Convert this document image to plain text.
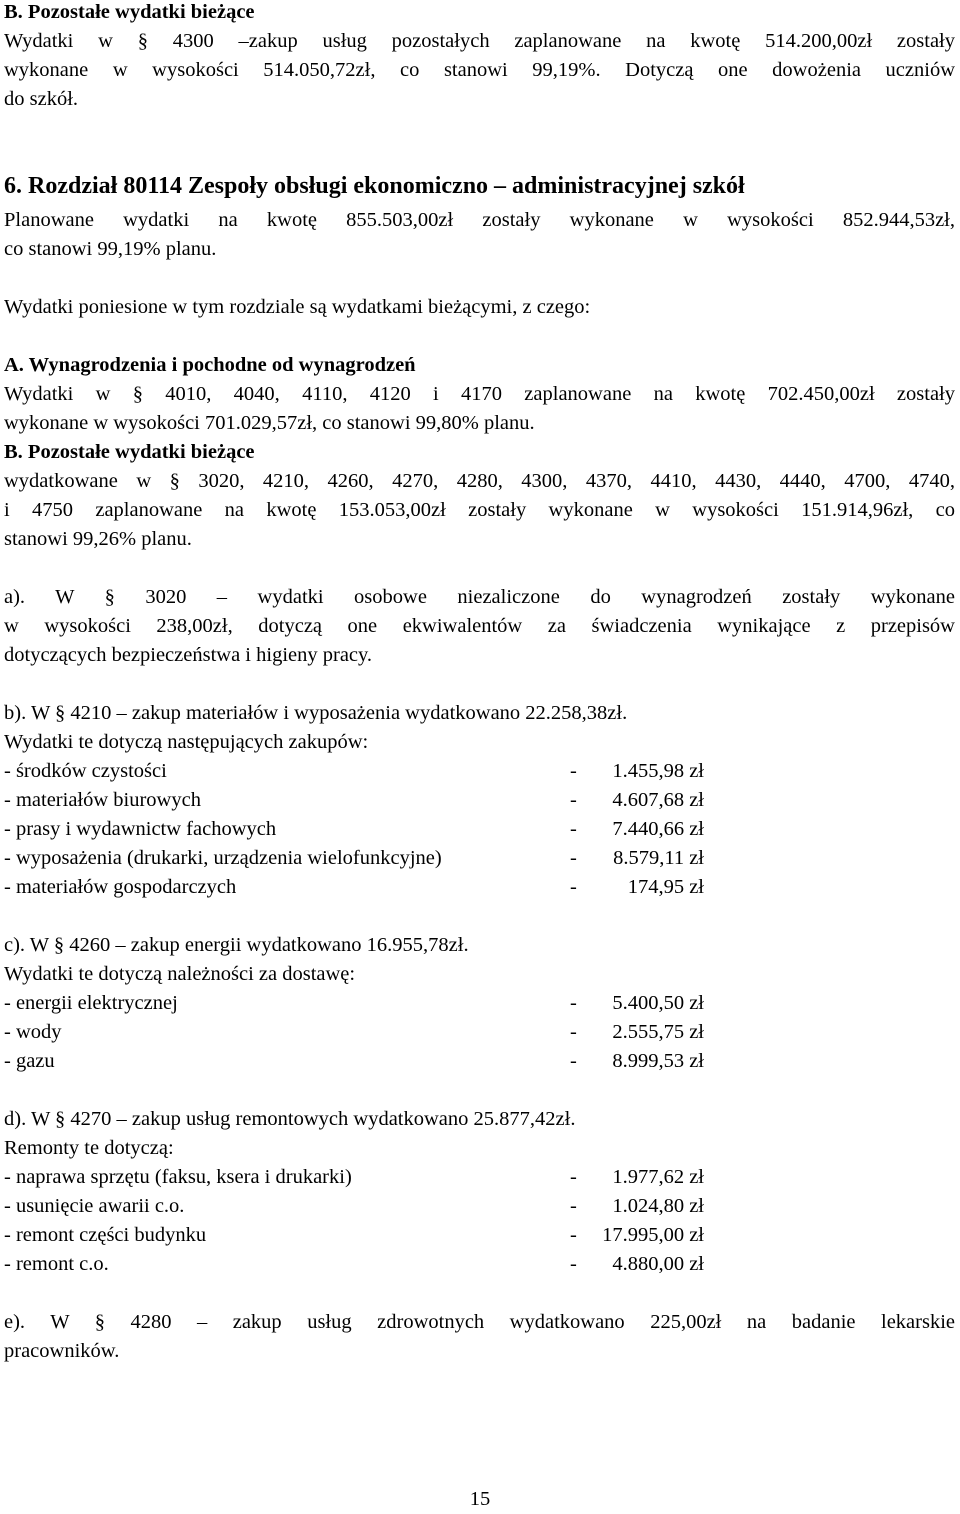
B. Pozostałe wydatki bieżące
Wydatki w § 4300 –zakup usług pozostałych zaplanowane na kwotę 514.200,00zł zostały
wykonane w wysokości 514.050,72zł, co stanowi 99,19%. Dotyczą one dowożenia uczniów
do szkół.
6. Rozdział 80114 Zespoły obsługi ekonomiczno – administracyjnej szkół
Planowane wydatki na kwotę 855.503,00zł zostały wykonane w wysokości 852.944,53zł,
co stanowi 99,19% planu.
Wydatki poniesione w tym rozdziale są wydatkami bieżącymi, z czego:
A. Wynagrodzenia i pochodne od wynagrodzeń
Wydatki w § 4010, 4040, 4110, 4120 i 4170 zaplanowane na kwotę 702.450,00zł zostały
wykonane w wysokości 701.029,57zł, co stanowi 99,80% planu.
B. Pozostałe wydatki bieżące
wydatkowane w § 3020, 4210, 4260, 4270, 4280, 4300, 4370, 4410, 4430, 4440, 4700, 4740,
i 4750 zaplanowane na kwotę 153.053,00zł zostały wykonane w wysokości 151.914,96zł, co
stanowi 99,26% planu.
a). W § 3020 – wydatki osobowe niezaliczone do wynagrodzeń zostały wykonane
w wysokości 238,00zł, dotyczą one ekwiwalentów za świadczenia wynikające z przepisów
dotyczących bezpieczeństwa i higieny pracy.
b). W § 4210 – zakup materiałów i wyposażenia wydatkowano 22.258,38zł.
Wydatki te dotyczą następujących zakupów:
- środków czystości	- 1.455,98 zł
- materiałów biurowych	- 4.607,68 zł
- prasy i wydawnictw fachowych	- 7.440,66 zł
- wyposażenia (drukarki, urządzenia wielofunkcyjne)	- 8.579,11 zł
- materiałów gospodarczych	- 174,95 zł
c). W § 4260 – zakup energii wydatkowano 16.955,78zł.
Wydatki te dotyczą należności za dostawę:
- energii elektrycznej	- 5.400,50 zł
- wody	- 2.555,75 zł
- gazu	- 8.999,53 zł
d). W § 4270 – zakup usług remontowych wydatkowano 25.877,42zł.
Remonty te dotyczą:
- naprawa sprzętu (faksu, ksera i drukarki)	- 1.977,62 zł
- usunięcie awarii c.o.	- 1.024,80 zł
- remont części budynku	- 17.995,00 zł
- remont c.o.	- 4.880,00 zł
e). W § 4280 – zakup usług zdrowotnych wydatkowano 225,00zł na badanie lekarskie
pracowników.
15
